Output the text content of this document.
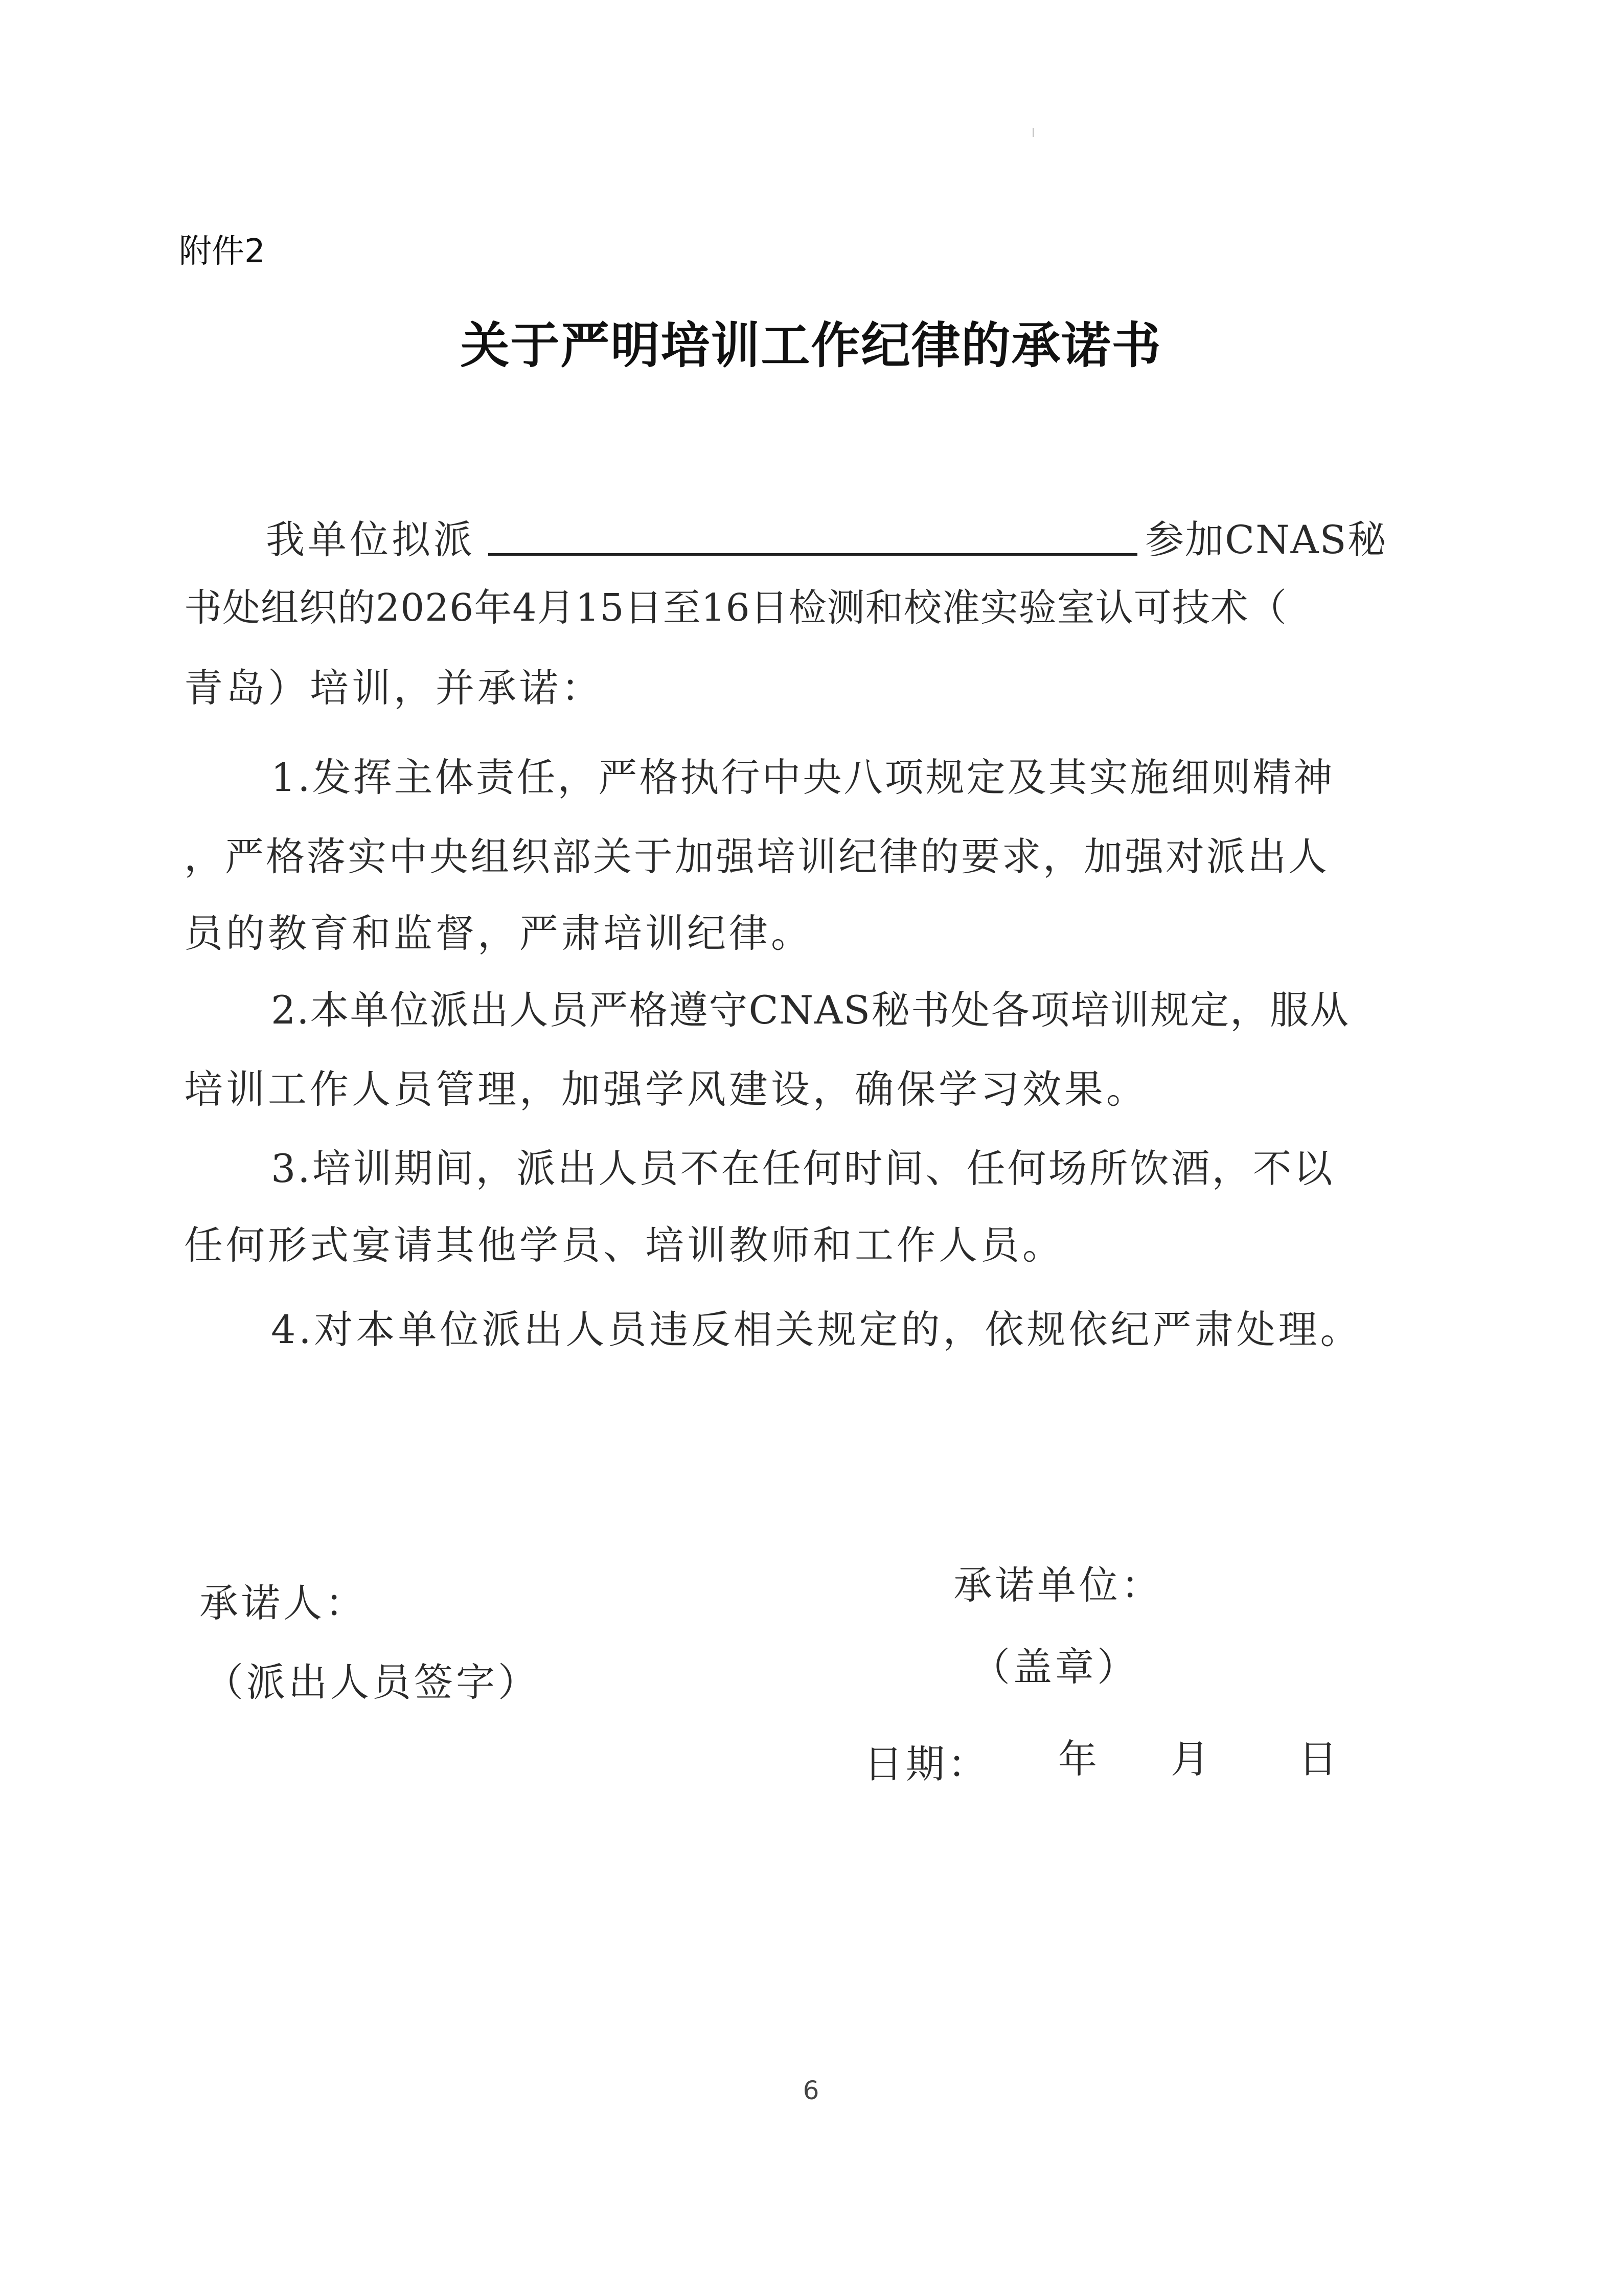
附件2
关于严明培训工作纪律的承诺书
我单位拟派	参加CNAS秘
书处组织的2026年4月15日至16日检测和校准实验室认可技术（
青岛）培训，并承诺：
1.发挥主体责任，严格执行中央八项规定及其实施细则精神
，严格落实中央组织部关于加强培训纪律的要求，加强对派出人
员的教育和监督，严肃培训纪律。
2.本单位派出人员严格遵守CNAS秘书处各项培训规定，服从
培训工作人员管理，加强学风建设，确保学习效果。
3.培训期间，派出人员不在任何时间、任何场所饮酒，不以
任何形式宴请其他学员、培训教师和工作人员。
4.对本单位派出人员违反相关规定的，依规依纪严肃处理。
承诺人：
（派出人员签字）
承诺单位：
（盖章）
日期： 年 月 日
6
